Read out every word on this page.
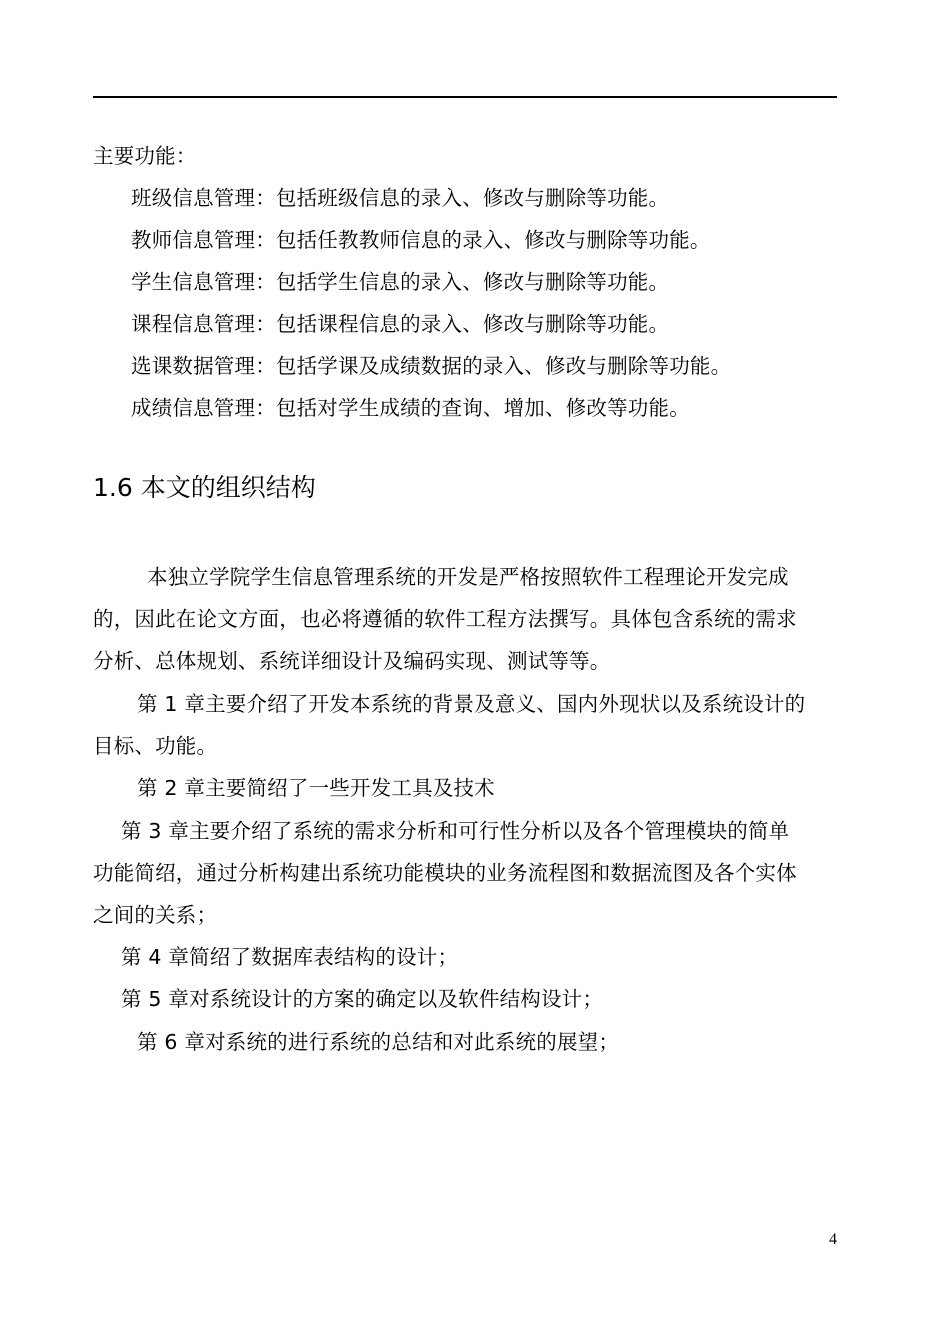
主要功能：
班级信息管理：包括班级信息的录入、修改与删除等功能。
教师信息管理：包括任教教师信息的录入、修改与删除等功能。
学生信息管理：包括学生信息的录入、修改与删除等功能。
课程信息管理：包括课程信息的录入、修改与删除等功能。
选课数据管理：包括学课及成绩数据的录入、修改与删除等功能。
成绩信息管理：包括对学生成绩的查询、增加、修改等功能。
1.6 本文的组织结构
本独立学院学生信息管理系统的开发是严格按照软件工程理论开发完成
的，因此在论文方面，也必将遵循的软件工程方法撰写。具体包含系统的需求
分析、总体规划、系统详细设计及编码实现、测试等等。
第 1 章主要介绍了开发本系统的背景及意义、国内外现状以及系统设计的
目标、功能。
第 2 章主要简绍了一些开发工具及技术
第 3 章主要介绍了系统的需求分析和可行性分析以及各个管理模块的简单
功能简绍，通过分析构建出系统功能模块的业务流程图和数据流图及各个实体
之间的关系；
第 4 章简绍了数据库表结构的设计；
第 5 章对系统设计的方案的确定以及软件结构设计；
第 6 章对系统的进行系统的总结和对此系统的展望；
4
